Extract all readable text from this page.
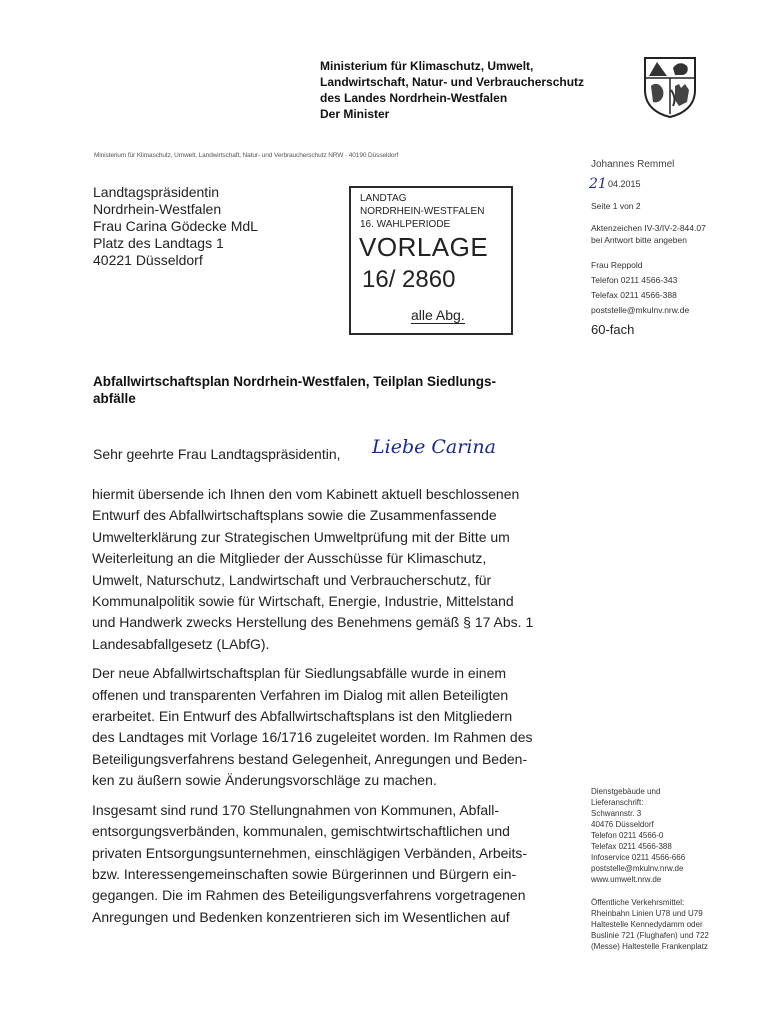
Ministerium für Klimaschutz, Umwelt,
Landwirtschaft, Natur- und Verbraucherschutz
des Landes Nordrhein-Westfalen
Der Minister
Ministerium für Klimaschutz, Umwelt, Landwirtschaft, Natur- und Verbraucherschutz NRW · 40190 Düsseldorf
Landtagspräsidentin
Nordrhein-Westfalen
Frau Carina Gödecke MdL
Platz des Landtags 1
40221 Düsseldorf
LANDTAG
NORDRHEIN-WESTFALEN
16. WAHLPERIODE
VORLAGE
16/ 2860
alle Abg.
Johannes Remmel
21 04.2015
Seite 1 von 2
Aktenzeichen IV-3/IV-2-844.07
bei Antwort bitte angeben
Frau Reppold
Telefon 0211 4566-343
Telefax 0211 4566-388
poststelle@mkulnv.nrw.de
60-fach
Abfallwirtschaftsplan Nordrhein-Westfalen, Teilplan Siedlungs-
abfälle
Sehr geehrte Frau Landtagspräsidentin, Liebe Carina

hiermit übersende ich Ihnen den vom Kabinett aktuell beschlossenen

Entwurf des Abfallwirtschaftsplans sowie die Zusammenfassende

Umwelterklärung zur Strategischen Umweltprüfung mit der Bitte um

Weiterleitung an die Mitglieder der Ausschüsse für Klimaschutz,

Umwelt, Naturschutz, Landwirtschaft und Verbraucherschutz, für

Kommunalpolitik sowie für Wirtschaft, Energie, Industrie, Mittelstand

und Handwerk zwecks Herstellung des Benehmens gemäß § 17 Abs. 1

Landesabfallgesetz (LAbfG).

Der neue Abfallwirtschaftsplan für Siedlungsabfälle wurde in einem

offenen und transparenten Verfahren im Dialog mit allen Beteiligten

erarbeitet. Ein Entwurf des Abfallwirtschaftsplans ist den Mitgliedern

des Landtages mit Vorlage 16/1716 zugeleitet worden. Im Rahmen des

Beteiligungsverfahrens bestand Gelegenheit, Anregungen und Beden-

ken zu äußern sowie Änderungsvorschläge zu machen.

Insgesamt sind rund 170 Stellungnahmen von Kommunen, Abfall-

entsorgungsverbänden, kommunalen, gemischtwirtschaftlichen und

privaten Entsorgungsunternehmen, einschlägigen Verbänden, Arbeits-

bzw. Interessengemeinschaften sowie Bürgerinnen und Bürgern ein-

gegangen. Die im Rahmen des Beteiligungsverfahrens vorgetragenen

Anregungen und Bedenken konzentrieren sich im Wesentlichen auf

Dienstgebäude und
Lieferanschrift:
Schwannstr. 3
40476 Düsseldorf
Telefon 0211 4566-0
Telefax 0211 4566-388
Infoservice 0211 4566-666
poststelle@mkulnv.nrw.de
www.umwelt.nrw.de
Öffentliche Verkehrsmittel:
Rheinbahn Linien U78 und U79
Haltestelle Kennedydamm oder
Buslinie 721 (Flughafen) und 722
(Messe) Haltestelle Frankenplatz
